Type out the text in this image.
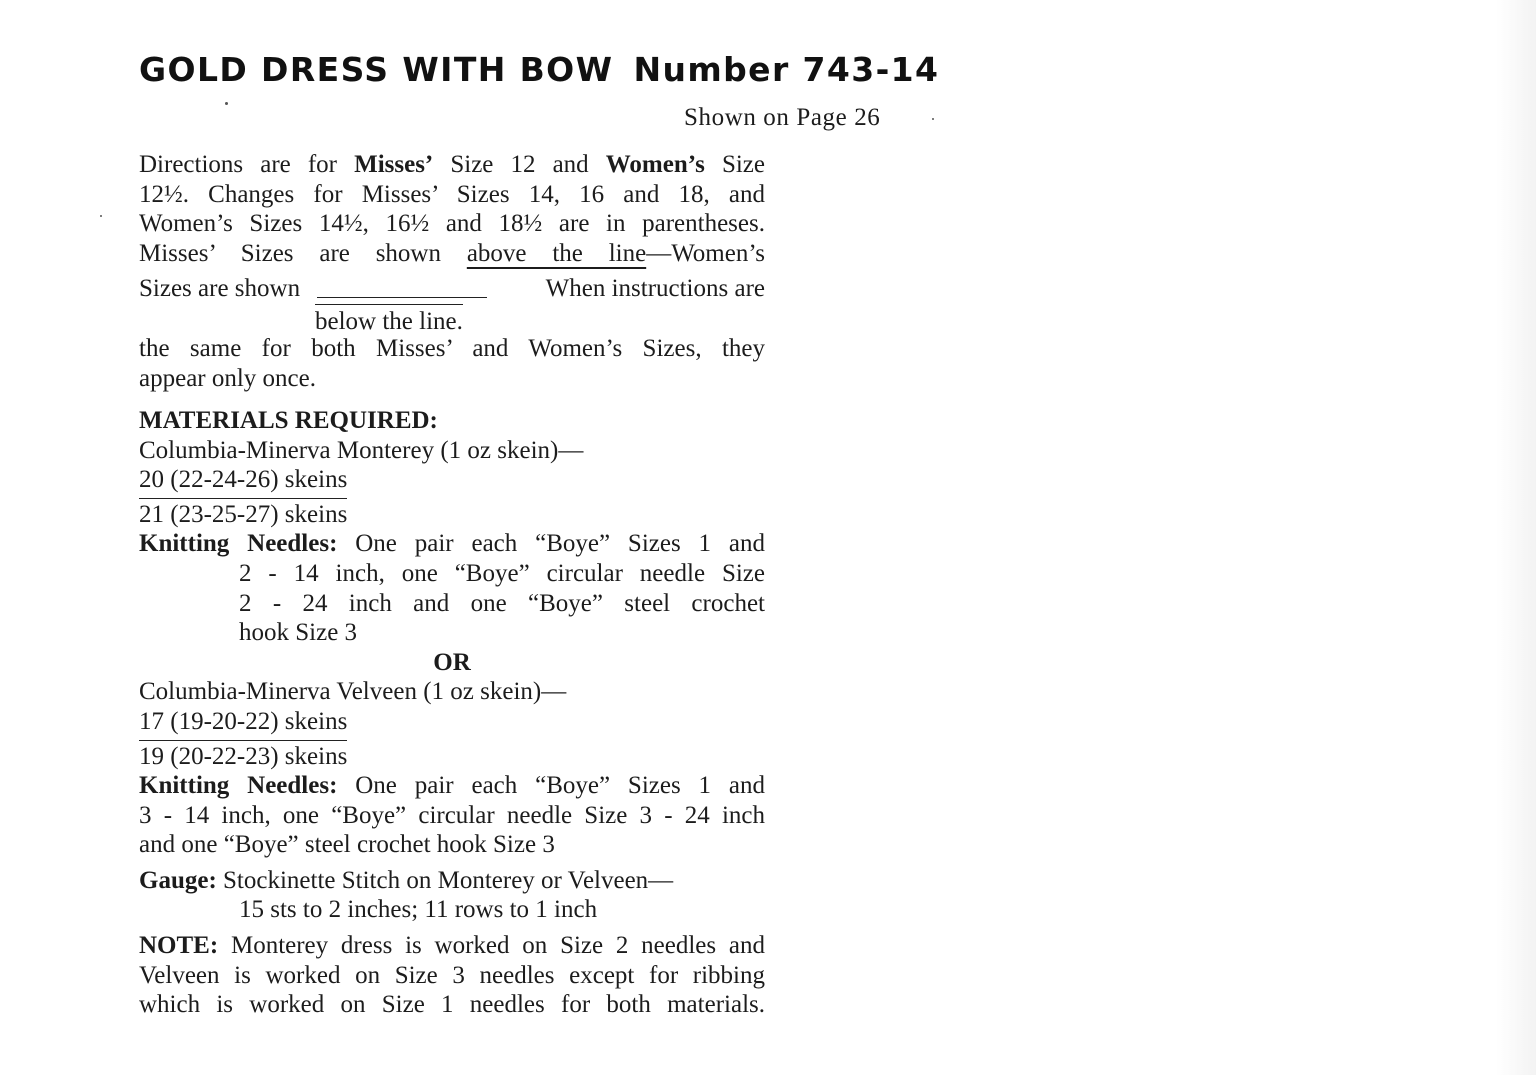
GOLD DRESS WITH BOW Number 743-14
Shown on Page 26
Directions are for Misses’ Size 12 and Women’s Size
12½. Changes for Misses’ Sizes 14, 16 and 18, and
Women’s Sizes 14½, 16½ and 18½ are in parentheses.
Misses’ Sizes are shown above the line—Women’s
Sizes are shown	When instructions are
below the line.
the same for both Misses’ and Women’s Sizes, they
appear only once.
MATERIALS REQUIRED:
Columbia-Minerva Monterey (1 oz skein)—
20 (22-24-26) skeins
21 (23-25-27) skeins
Knitting Needles: One pair each “Boye” Sizes 1 and
2 - 14 inch, one “Boye” circular needle Size
2 - 24 inch and one “Boye” steel crochet
hook Size 3
OR
Columbia-Minerva Velveen (1 oz skein)—
17 (19-20-22) skeins
19 (20-22-23) skeins
Knitting Needles: One pair each “Boye” Sizes 1 and
3 - 14 inch, one “Boye” circular needle Size 3 - 24 inch
and one “Boye” steel crochet hook Size 3
Gauge: Stockinette Stitch on Monterey or Velveen—
15 sts to 2 inches; 11 rows to 1 inch
NOTE: Monterey dress is worked on Size 2 needles and
Velveen is worked on Size 3 needles except for ribbing
which is worked on Size 1 needles for both materials.
